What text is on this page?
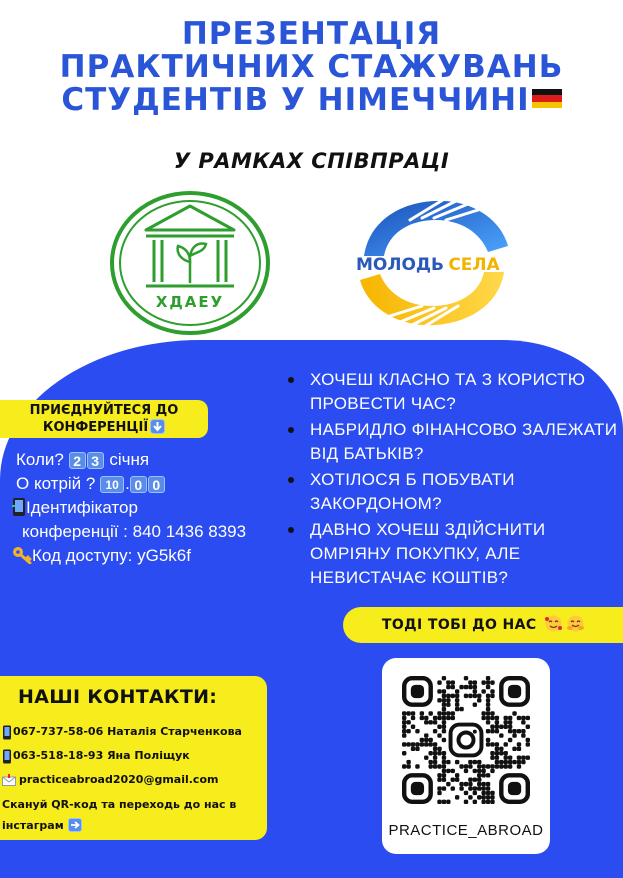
ПРЕЗЕНТАЦІЯ
ПРАКТИЧНИХ СТАЖУВАНЬ
СТУДЕНТІВ У НІМЕЧЧИНІ
У РАМКАХ СПІВПРАЦІ
ХДАЕУ
МОЛОДЬ СЕЛА
ПРИЄДНУЙТЕСЯ ДО
КОНФЕРЕНЦІЇ
Коли? 2 3 січня
О котрій ? 10 . 0 0
Ідентифікатор
конференції : 840 1436 8393
Код доступу: yG5k6f
ХОЧЕШ КЛАСНО ТА З КОРИСТЮ ПРОВЕСТИ ЧАС?
НАБРИДЛО ФІНАНСОВО ЗАЛЕЖАТИ ВІД БАТЬКІВ?
ХОТІЛОСЯ Б ПОБУВАТИ ЗАКОРДОНОМ?
ДАВНО ХОЧЕШ ЗДІЙСНИТИ ОМРІЯНУ ПОКУПКУ, АЛЕ НЕВИСТАЧАЄ КОШТІВ?
ТОДІ ТОБІ ДО НАС
НАШІ КОНТАКТИ:
067-737-58-06 Наталія Старченкова
063-518-18-93 Яна Поліщук
practiceabroad2020@gmail.com
Скануй QR-код та переходь до нас в інстаграм	PRACTICE_ABROAD
